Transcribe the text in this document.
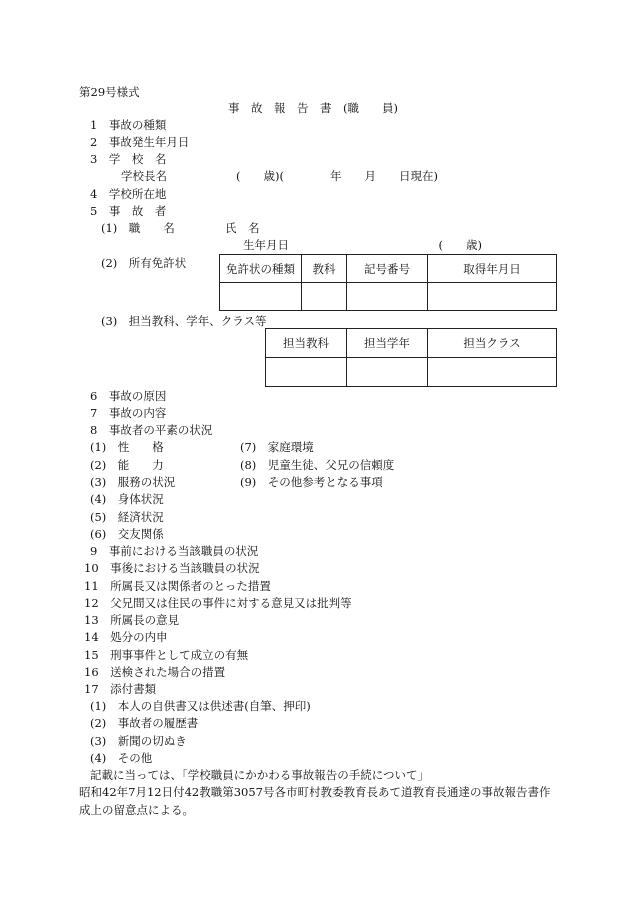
第29号様式
事　故　報　告　書　(職　　員)
1　事故の種類
2　事故発生年月日
3　学　校　名
学校長名　　　　　　(　　歳)(　　　　年　　月　　日現在)
4　学校所在地
5　事　故　者
(1)　職　　名	氏　名
生年月日　　　　　　　　　　　　　(　　歳)
(2)　所有免許状	免許状の種類	教科	記号番号	取得年月日

(3)　担当教科、学年、クラス等
担当教科	担当学年	担当クラス

6　事故の原因
7　事故の内容
8　事故者の平素の状況
(1)　性　　格	(7)　家庭環境
(2)　能　　力	(8)　児童生徒、父兄の信頼度
(3)　服務の状況	(9)　その他参考となる事項
(4)　身体状況
(5)　経済状況
(6)　交友関係
9　事前における当該職員の状況
10　事後における当該職員の状況
11　所属長又は関係者のとった措置
12　父兄間又は住民の事件に対する意見又は批判等
13　所属長の意見
14　処分の内申
15　刑事事件として成立の有無
16　送検された場合の措置
17　添付書類
(1)　本人の自供書又は供述書(自筆、押印)
(2)　事故者の履歴書
(3)　新聞の切ぬき
(4)　その他
記載に当っては、「学校職員にかかわる事故報告の手続について」
昭和42年7月12日付42教職第3057号各市町村教委教育長あて道教育長通達の事故報告書作
成上の留意点による。
